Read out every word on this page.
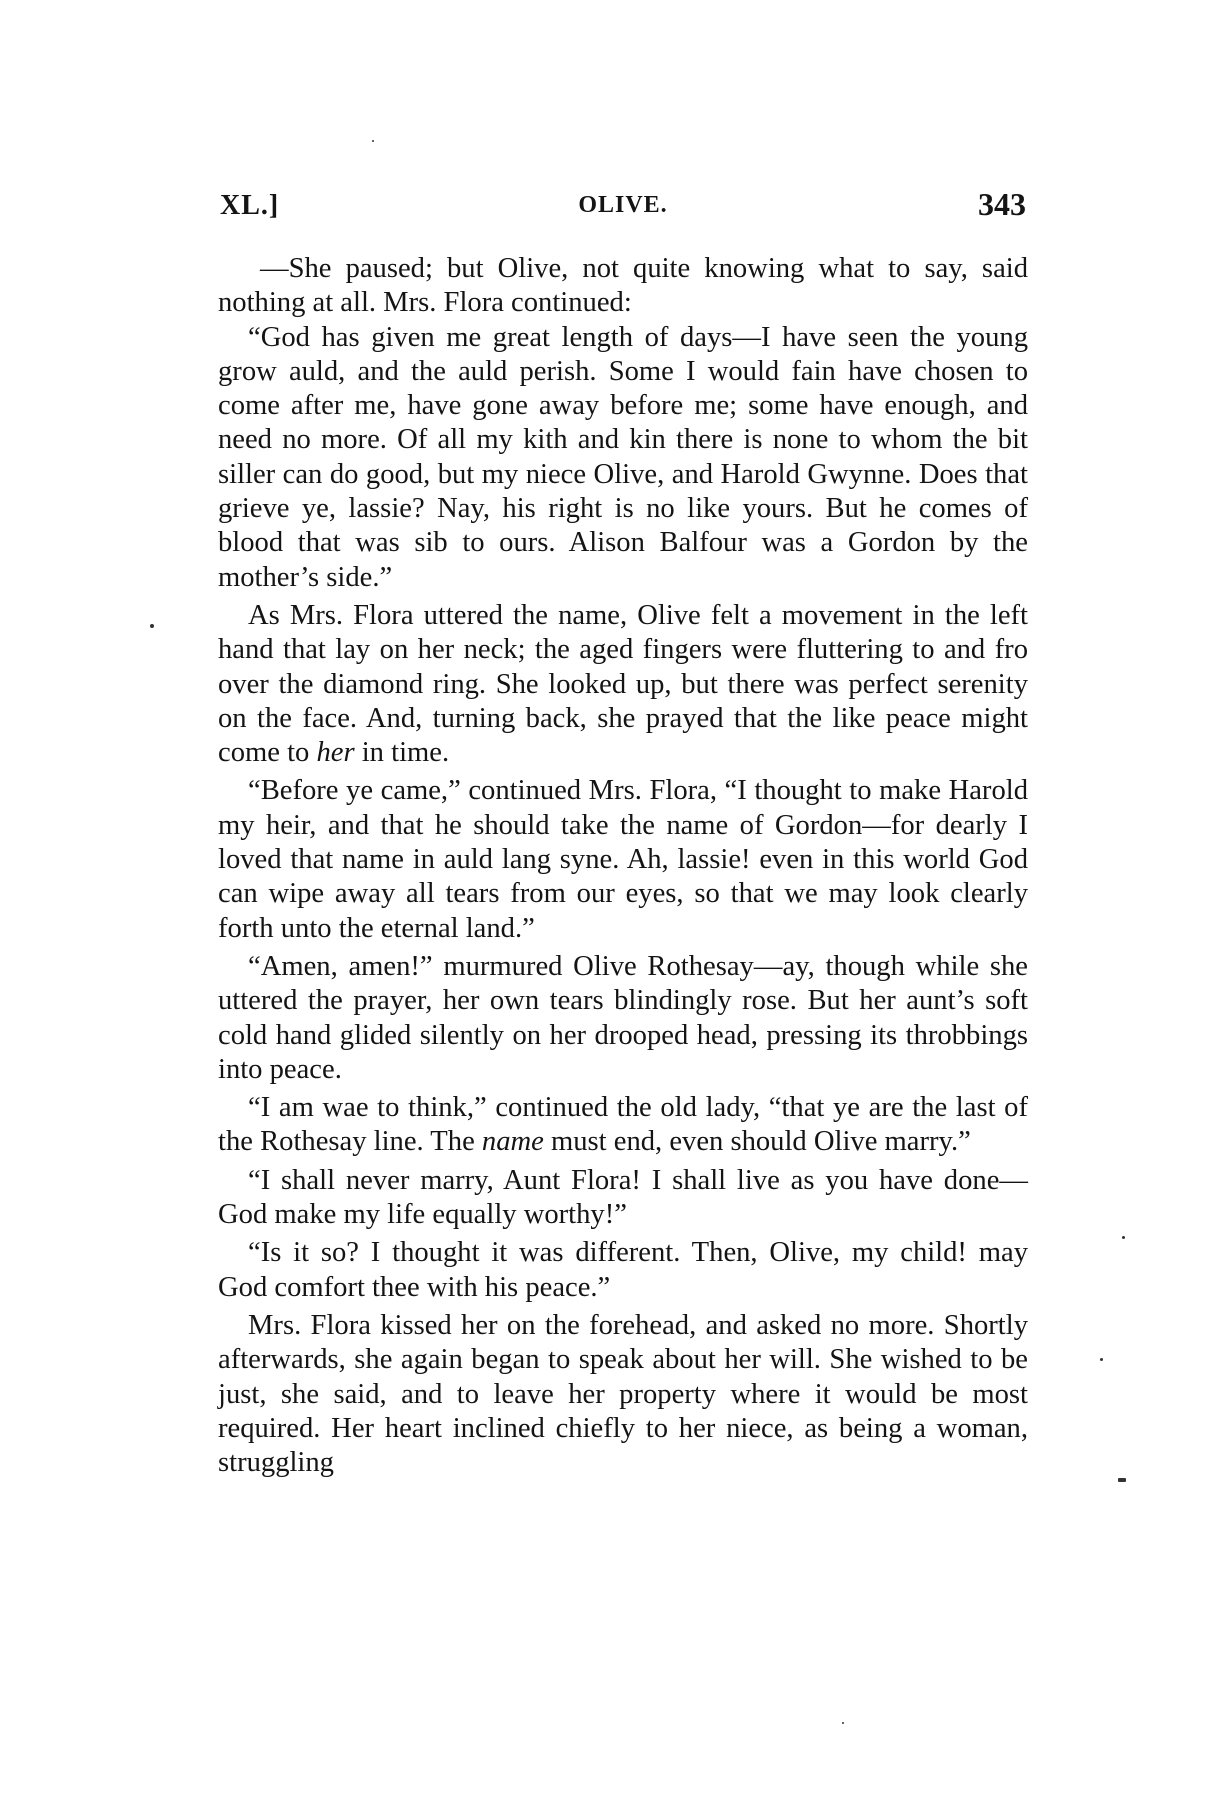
XL.]	OLIVE.	343

—She paused; but Olive, not quite knowing what to say, said nothing at all. Mrs. Flora continued:

“God has given me great length of days—I have seen the young grow auld, and the auld perish. Some I would fain have chosen to come after me, have gone away before me; some have enough, and need no more. Of all my kith and kin there is none to whom the bit siller can do good, but my niece Olive, and Harold Gwynne. Does that grieve ye, lassie? Nay, his right is no like yours. But he comes of blood that was sib to ours. Alison Balfour was a Gordon by the mother’s side.”

As Mrs. Flora uttered the name, Olive felt a movement in the left hand that lay on her neck; the aged fingers were fluttering to and fro over the diamond ring. She looked up, but there was perfect serenity on the face. And, turning back, she prayed that the like peace might come to her in time.

“Before ye came,” continued Mrs. Flora, “I thought to make Harold my heir, and that he should take the name of Gordon—for dearly I loved that name in auld lang syne. Ah, lassie! even in this world God can wipe away all tears from our eyes, so that we may look clearly forth unto the eternal land.”

“Amen, amen!” murmured Olive Rothesay—ay, though while she uttered the prayer, her own tears blindingly rose. But her aunt’s soft cold hand glided silently on her drooped head, pressing its throbbings into peace.

“I am wae to think,” continued the old lady, “that ye are the last of the Rothesay line. The name must end, even should Olive marry.”

“I shall never marry, Aunt Flora! I shall live as you have done—God make my life equally worthy!”

“Is it so? I thought it was different. Then, Olive, my child! may God comfort thee with his peace.”

Mrs. Flora kissed her on the forehead, and asked no more. Shortly afterwards, she again began to speak about her will. She wished to be just, she said, and to leave her property where it would be most required. Her heart inclined chiefly to her niece, as being a woman, struggling
